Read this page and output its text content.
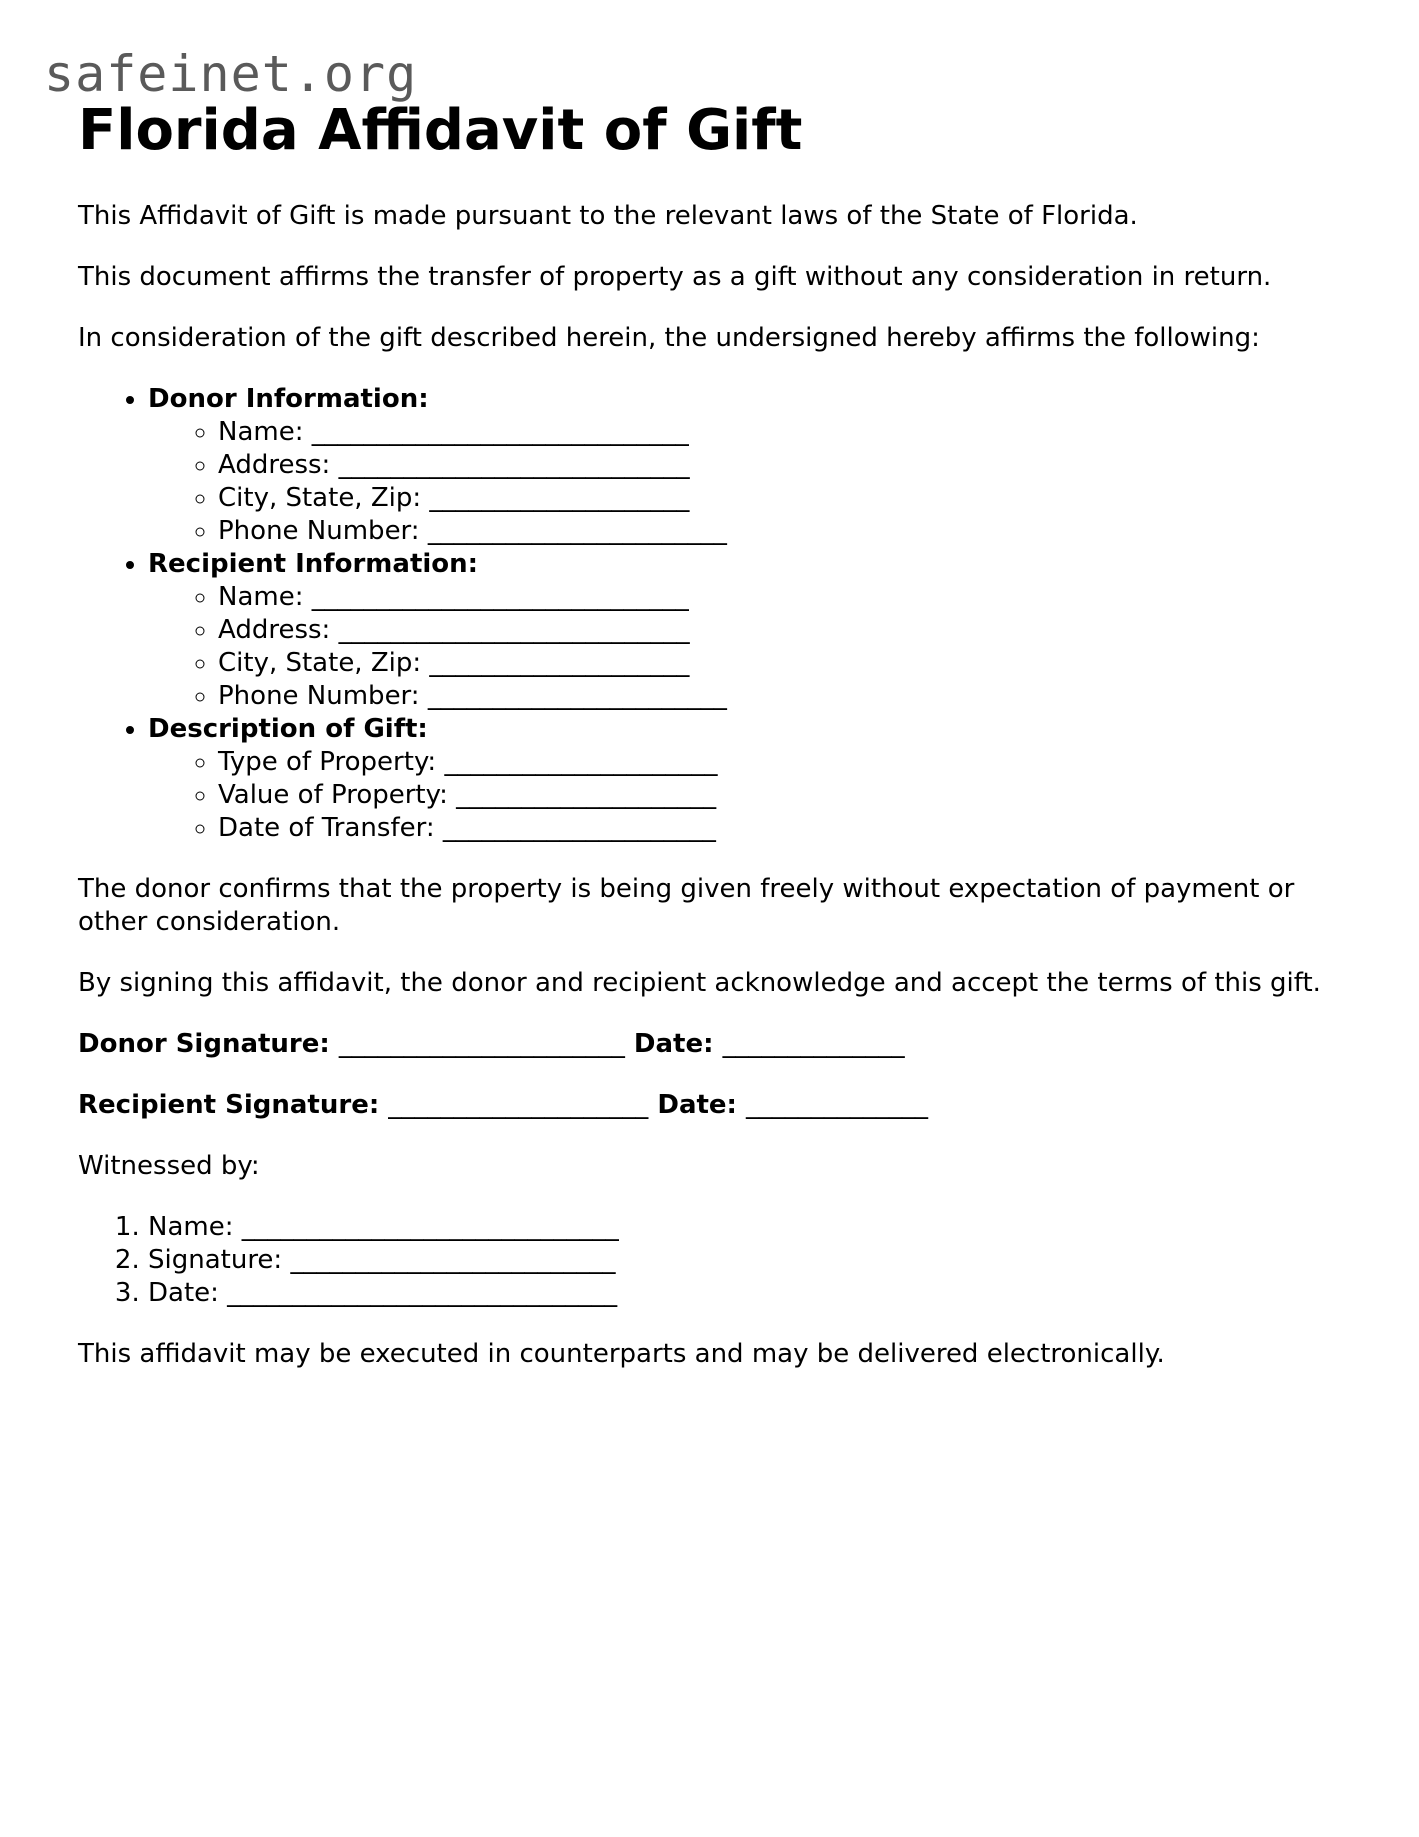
safeinet.org
Florida Affidavit of Gift

This Affidavit of Gift is made pursuant to the relevant laws of the State of Florida.

This document affirms the transfer of property as a gift without any consideration in return.

In consideration of the gift described herein, the undersigned hereby affirms the following:

• Donor Information:
◦ Name: _____________________________
◦ Address: ___________________________
◦ City, State, Zip: ____________________
◦ Phone Number: _______________________
• Recipient Information:
◦ Name: _____________________________
◦ Address: ___________________________
◦ City, State, Zip: ____________________
◦ Phone Number: _______________________
• Description of Gift:
◦ Type of Property: _____________________
◦ Value of Property: ____________________
◦ Date of Transfer: _____________________

The donor confirms that the property is being given freely without expectation of payment or other consideration.

By signing this affidavit, the donor and recipient acknowledge and accept the terms of this gift.

Donor Signature: ______________________ Date: ______________
Recipient Signature: ____________________ Date: ______________

Witnessed by:

1. Name: _____________________________
2. Signature: _________________________
3. Date: ______________________________

This affidavit may be executed in counterparts and may be delivered electronically.
